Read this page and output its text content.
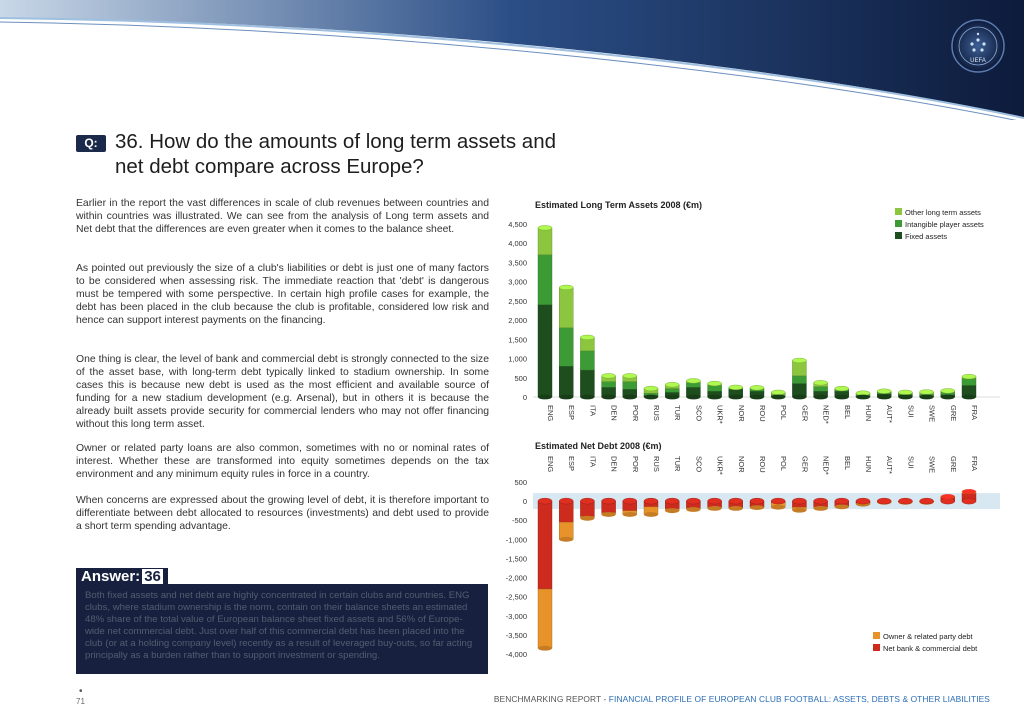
UEFA
Q: 36. How do the amounts of long term assets and net debt compare across Europe?

Earlier in the report the vast differences in scale of club revenues between countries and within countries was illustrated. We can see from the analysis of Long term assets and Net debt that the differences are even greater when it comes to the balance sheet.

As pointed out previously the size of a club's liabilities or debt is just one of many factors to be considered when assessing risk. The immediate reaction that 'debt' is dangerous must be tempered with some perspective. In certain high profile cases for example, the debt has been placed in the club because the club is profitable, considered low risk and hence can support interest payments on the financing.

One thing is clear, the level of bank and commercial debt is strongly connected to the size of the asset base, with long-term debt typically linked to stadium ownership. In some cases this is because new debt is used as the most efficient and available source of funding for a new stadium development (e.g. Arsenal), but in others it is because the already built assets provide security for commercial lenders who may not offer financing without this long term asset.

Owner or related party loans are also common, sometimes with no or nominal rates of interest. Whether these are transformed into equity sometimes depends on the tax environment and any minimum equity rules in force in a country.

When concerns are expressed about the growing level of debt, it is therefore important to differentiate between debt allocated to resources (investments) and debt used to provide a short term spending advantage.

Answer: 36

Both fixed assets and net debt are highly concentrated in certain clubs and countries. ENG clubs, where stadium ownership is the norm, contain on their balance sheets an estimated 48% share of the total value of European balance sheet fixed assets and 56% of Europe-wide net commercial debt. Just over half of this commercial debt has been placed into the club (or at a holding company level) recently as a result of leveraged buy-outs, so far acting principally as a burden rather than to support investment or spending.

•
71	BENCHMARKING REPORT - FINANCIAL PROFILE OF EUROPEAN CLUB FOOTBALL: ASSETS, DEBTS & OTHER LIABILITIES
Estimated Long Term Assets 2008 (€m)
4,500
4,000
3,500
3,000
2,500
2,000
1,500
1,000
500
0
ENG ESP ITA DEN POR RUS TUR SCO UKR* NOR ROU POL GER NED* BEL HUN AUT* SUI SWE GRE FRA
Other long term assets
Intangible player assets
Fixed assets
Estimated Net Debt 2008 (€m)
500
0
-500
-1,000
-1,500
-2,000
-2,500
-3,000
-3,500
-4,000
ENG ESP ITA DEN POR RUS TUR SCO UKR* NOR ROU POL GER NED* BEL HUN AUT* SUI SWE GRE FRA
Owner & related party debt
Net bank & commercial debt
